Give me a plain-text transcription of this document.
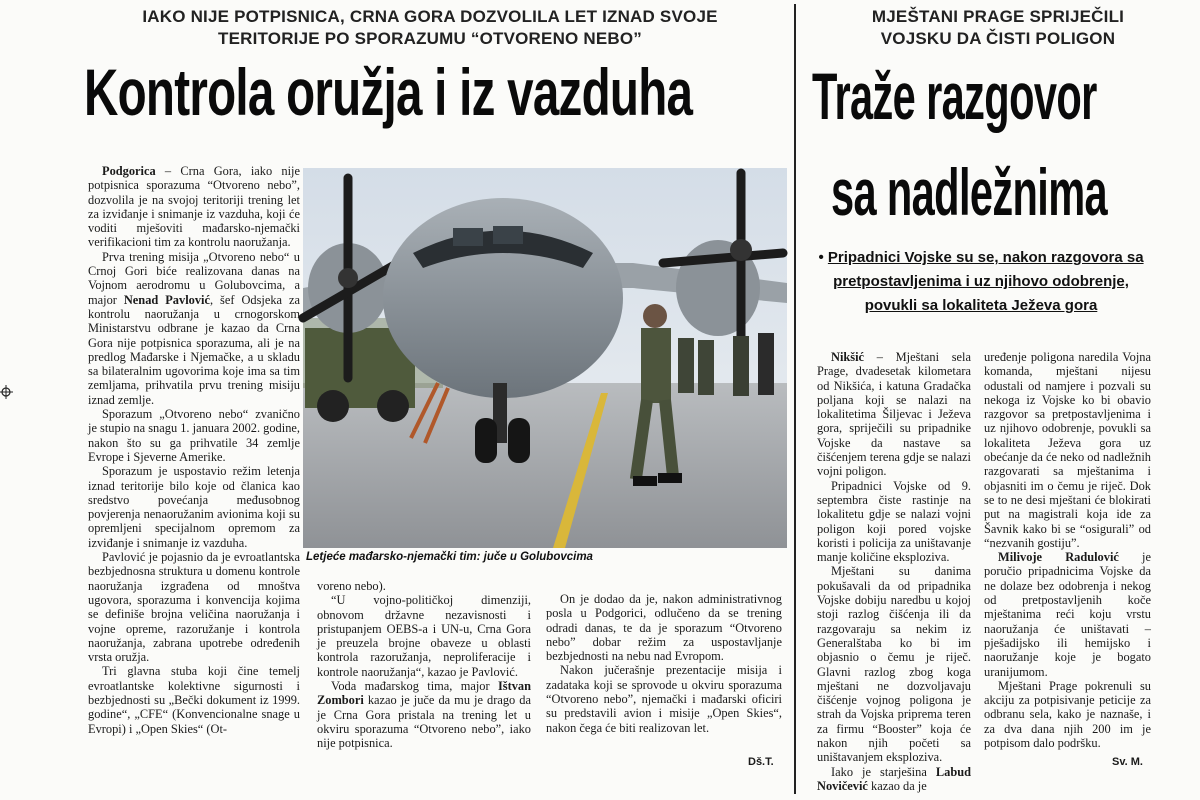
IAKO NIJE POTPISNICA, CRNA GORA DOZVOLILA LET IZNAD SVOJE
TERITORIJE PO SPORAZUMU “OTVORENO NEBO”
Kontrola oružja i iz vazduha

Podgorica – Crna Gora, iako nije potpisnica sporazuma “Otvoreno nebo”, dozvolila je na svojoj teritoriji trening let za izviđanje i snimanje iz vazduha, koji će voditi mješoviti mađarsko-njemački verifikacioni tim za kontrolu naoružanja.

Prva trening misija „Otvoreno nebo“ u Crnoj Gori biće realizovana danas na Vojnom aerodromu u Golubovcima, a major Nenad Pavlović, šef Odsjeka za kontrolu naoružanja u crnogorskom Ministarstvu odbrane je kazao da Crna Gora nije potpisnica sporazuma, ali je na predlog Mađarske i Njemačke, a u skladu sa bilateralnim ugovorima koje ima sa tim zemljama, prihvatila prvu trening misiju iznad zemlje.

Sporazum „Otvoreno nebo“ zvanično je stupio na snagu 1. januara 2002. godine, nakon što su ga prihvatile 34 zemlje Evrope i Sjeverne Amerike.

Sporazum je uspostavio režim letenja iznad teritorije bilo koje od članica kao sredstvo povećanja međusobnog povjerenja nenaoružanim avionima koji su opremljeni specijalnom opremom za izviđanje i snimanje iz vazduha.

Pavlović je pojasnio da je evroatlantska bezbjednosna struktura u domenu kontrole naoružanja izgrađena od mnoštva ugovora, sporazuma i konvencija kojima se definiše brojna veličina naoružanja i vojne opreme, razoružanje i kontrola naoružanja, zabrana upotrebe određenih vrsta oružja.

Tri glavna stuba koji čine temelj evroatlantske kolektivne sigurnosti i bezbjednosti su „Bečki dokument iz 1999. godine“, „CFE“ (Konvencionalne snage u Evropi) i „Open Skies“ (Ot-

Letjeće mađarsko-njemački tim: juče u Golubovcima

voreno nebo).

“U vojno-političkoj dimenziji, obnovom državne nezavisnosti i pristupanjem OEBS-a i UN-u, Crna Gora je preuzela brojne obaveze u oblasti kontrola razoružanja, neproliferacije i kontrole naoružanja“, kazao je Pavlović.

Voda mađarskog tima, major Ištvan Zombori kazao je juče da mu je drago da je Crna Gora pristala na trening let u okviru sporazuma “Otvoreno nebo”, iako nije potpisnica.

On je dodao da je, nakon administrativnog posla u Podgorici, odlučeno da se trening odradi danas, te da je sporazum “Otvoreno nebo” dobar režim za uspostavljanje bezbjednosti na nebu nad Evropom.

Nakon jučerašnje prezentacije misija i zadataka koji se sprovode u okviru sporazuma “Otvoreno nebo”, njemački i mađarski oficiri su predstavili avion i misije „Open Skies“, nakon čega će biti realizovan let.

Dš.T.
MJEŠTANI PRAGE SPRIJEČILI
VOJSKU DA ČISTI POLIGON
Traže razgovor
sa nadležnima
• Pripadnici Vojske su se, nakon razgovora sa
pretpostavljenima i uz njihovo odobrenje,
povukli sa lokaliteta Ježeva gora

Nikšić – Mještani sela Prage, dvadesetak kilometara od Nikšića, i katuna Gradačka poljana koji se nalazi na lokalitetima Šiljevac i Ježeva gora, spriječili su pripadnike Vojske da nastave sa čišćenjem terena gdje se nalazi vojni poligon.

Pripadnici Vojske od 9. septembra čiste rastinje na lokalitetu gdje se nalazi vojni poligon koji pored vojske koristi i policija za uništavanje manje količine eksploziva.

Mještani su danima pokušavali da od pripadnika Vojske dobiju naredbu u kojoj stoji razlog čišćenja ili da razgovaraju sa nekim iz Generalštaba ko bi im objasnio o čemu je riječ. Glavni razlog zbog koga mještani ne dozvoljavaju čišćenje vojnog poligona je strah da Vojska priprema teren za firmu “Booster” koja će nakon njih početi sa uništavanjem eksploziva.

Iako je starješina Labud Novičević kazao da je

uređenje poligona naredila Vojna komanda, mještani nijesu odustali od namjere i pozvali su nekoga iz Vojske ko bi obavio razgovor sa pretpostavljenima i uz njihovo odobrenje, povukli sa lokaliteta Ježeva gora uz obećanje da će neko od nadležnih razgovarati sa mještanima i objasniti im o čemu je riječ. Dok se to ne desi mještani će blokirati put na magistrali koja ide za Šavnik kako bi se “osigurali” od “nezvanih gostiju”.

Milivoje Radulović je poručio pripadnicima Vojske da ne dolaze bez odobrenja i nekog od pretpostavljenih koče mještanima reći koju vrstu naoružanja će uništavati – pješadijsko ili hemijsko i naoružanje koje je bogato uranijumom.

Mještani Prage pokrenuli su akciju za potpisivanje peticije za odbranu sela, kako je naznaše, i za dva dana njih 200 im je potpisom dalo podršku.

Sv. M.
